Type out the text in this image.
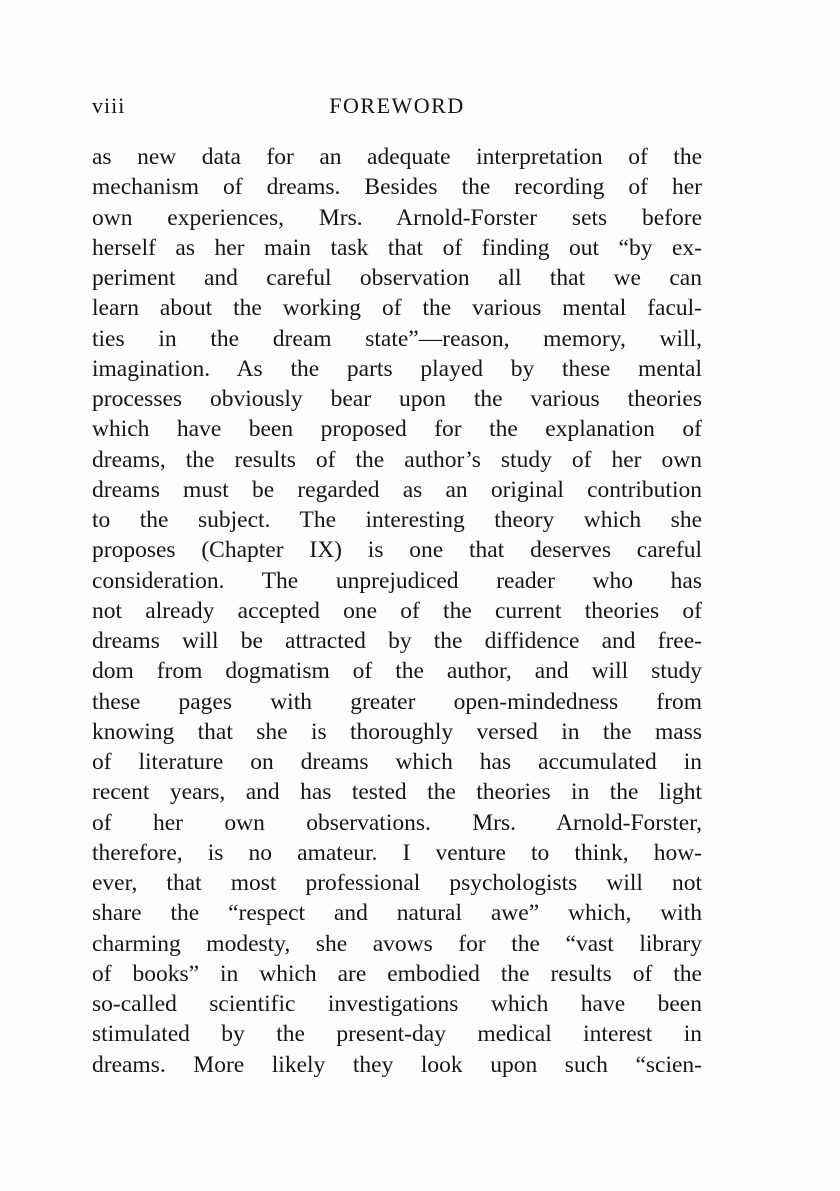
viii	FOREWORD
as new data for an adequate interpretation of the
mechanism of dreams. Besides the recording of her
own experiences, Mrs. Arnold-Forster sets before
herself as her main task that of finding out “by ex-
periment and careful observation all that we can
learn about the working of the various mental facul-
ties in the dream state”—reason, memory, will,
imagination. As the parts played by these mental
processes obviously bear upon the various theories
which have been proposed for the explanation of
dreams, the results of the author’s study of her own
dreams must be regarded as an original contribution
to the subject. The interesting theory which she
proposes (Chapter IX) is one that deserves careful
consideration. The unprejudiced reader who has
not already accepted one of the current theories of
dreams will be attracted by the diffidence and free-
dom from dogmatism of the author, and will study
these pages with greater open-mindedness from
knowing that she is thoroughly versed in the mass
of literature on dreams which has accumulated in
recent years, and has tested the theories in the light
of her own observations. Mrs. Arnold-Forster,
therefore, is no amateur. I venture to think, how-
ever, that most professional psychologists will not
share the “respect and natural awe” which, with
charming modesty, she avows for the “vast library
of books” in which are embodied the results of the
so-called scientific investigations which have been
stimulated by the present-day medical interest in
dreams. More likely they look upon such “scien-
